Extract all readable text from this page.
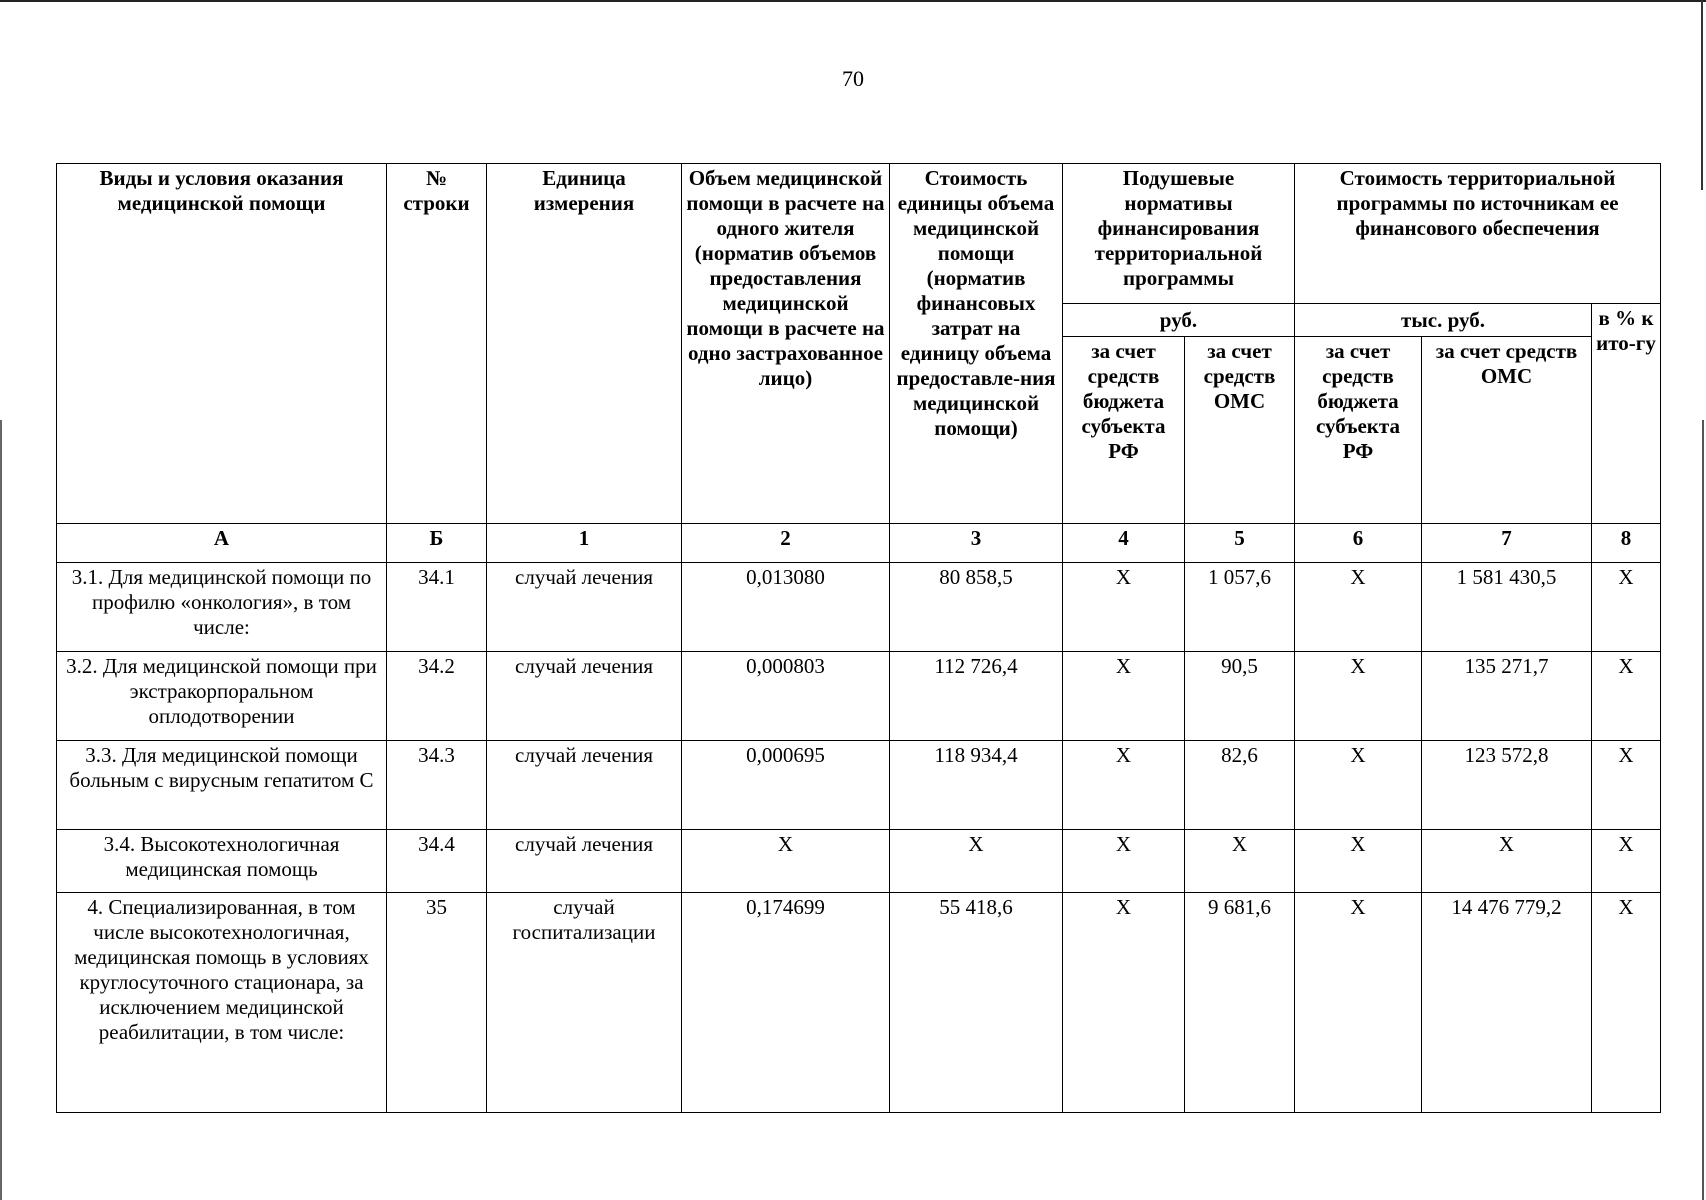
70
Виды и условия оказания медицинской помощи	№ строки	Единица измерения	Объем медицинской помощи в расчете на одного жителя (норматив объемов предоставления медицинской помощи в расчете на одно застрахованное лицо)	Стоимость единицы объема медицинской помощи (норматив финансовых затрат на единицу объема предоставле-ния медицинской помощи)	Подушевые нормативы финансирования территориальной программы		Стоимость территориальной программы по источникам ее финансового обеспечения		
					руб.		тыс. руб.		в % к ито-гу
					за счет средств бюджета субъекта РФ	за счет средств ОМС	за счет средств бюджета субъекта РФ	за счет средств ОМС	
А	Б	1	2	3	4	5	6	7	8
3.1. Для медицинской помощи по профилю «онкология», в том числе:	34.1	случай лечения	0,013080	80 858,5	Х	1 057,6	Х	1 581 430,5	Х
3.2. Для медицинской помощи при экстракорпоральном оплодотворении	34.2	случай лечения	0,000803	112 726,4	Х	90,5	Х	135 271,7	Х
3.3. Для медицинской помощи больным с вирусным гепатитом С	34.3	случай лечения	0,000695	118 934,4	Х	82,6	Х	123 572,8	Х
3.4. Высокотехнологичная медицинская помощь	34.4	случай лечения	Х	Х	Х	Х	Х	Х	Х
4. Специализированная, в том числе высокотехнологичная, медицинская помощь в условиях круглосуточного стационара, за исключением медицинской реабилитации, в том числе:	35	случай госпитализации	0,174699	55 418,6	Х	9 681,6	Х	14 476 779,2	Х
